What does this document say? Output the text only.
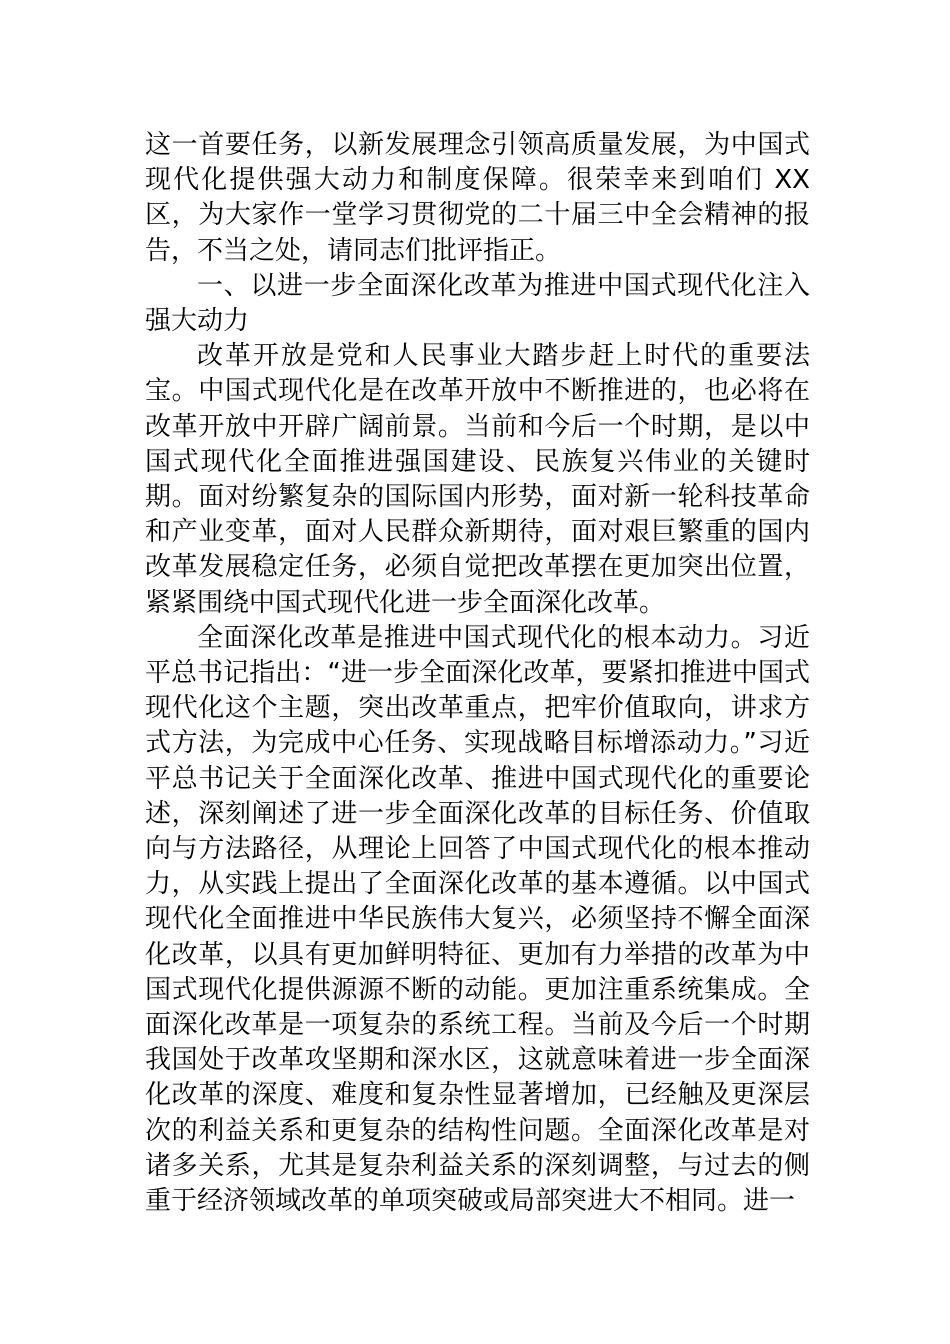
这一首要任务，以新发展理念引领高质量发展，为中国式现代化提供强大动力和制度保障。很荣幸来到咱们 XX 区，为大家作一堂学习贯彻党的二十届三中全会精神的报告，不当之处，请同志们批评指正。

一、以进一步全面深化改革为推进中国式现代化注入强大动力

改革开放是党和人民事业大踏步赶上时代的重要法宝。中国式现代化是在改革开放中不断推进的，也必将在改革开放中开辟广阔前景。当前和今后一个时期，是以中国式现代化全面推进强国建设、民族复兴伟业的关键时期。面对纷繁复杂的国际国内形势，面对新一轮科技革命和产业变革，面对人民群众新期待，面对艰巨繁重的国内改革发展稳定任务，必须自觉把改革摆在更加突出位置，紧紧围绕中国式现代化进一步全面深化改革。

全面深化改革是推进中国式现代化的根本动力。习近平总书记指出：“进一步全面深化改革，要紧扣推进中国式现代化这个主题，突出改革重点，把牢价值取向，讲求方式方法，为完成中心任务、实现战略目标增添动力。”习近平总书记关于全面深化改革、推进中国式现代化的重要论述，深刻阐述了进一步全面深化改革的目标任务、价值取向与方法路径，从理论上回答了中国式现代化的根本推动力，从实践上提出了全面深化改革的基本遵循。以中国式现代化全面推进中华民族伟大复兴，必须坚持不懈全面深化改革，以具有更加鲜明特征、更加有力举措的改革为中国式现代化提供源源不断的动能。更加注重系统集成。全面深化改革是一项复杂的系统工程。当前及今后一个时期我国处于改革攻坚期和深水区，这就意味着进一步全面深化改革的深度、难度和复杂性显著增加，已经触及更深层次的利益关系和更复杂的结构性问题。全面深化改革是对诸多关系，尤其是复杂利益关系的深刻调整，与过去的侧重于经济领域改革的单项突破或局部突进大不相同。进一
